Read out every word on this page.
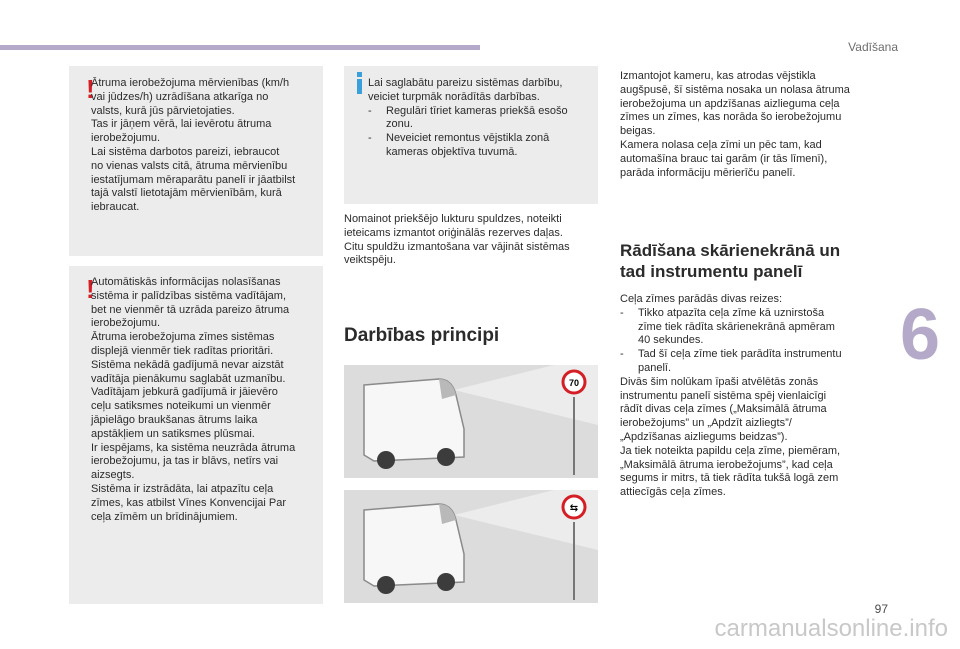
Vadīšana
6
!

Ātruma ierobežojuma mērvienības (km/h
vai jūdzes/h) uzrādīšana atkarīga no
valsts, kurā jūs pārvietojaties.
Tas ir jāņem vērā, lai ievērotu ātruma
ierobežojumu.
Lai sistēma darbotos pareizi, iebraucot
no vienas valsts citā, ātruma mērvienību
iestatījumam mēraparātu panelī ir jāatbilst
tajā valstī lietotajām mērvienībām, kurā
iebraucat.

!

Automātiskās informācijas nolasīšanas
sistēma ir palīdzības sistēma vadītājam,
bet ne vienmēr tā uzrāda pareizo ātruma
ierobežojumu.
Ātruma ierobežojuma zīmes sistēmas
displejā vienmēr tiek radītas prioritāri.
Sistēma nekādā gadījumā nevar aizstāt
vadītāja pienākumu saglabāt uzmanību.
Vadītājam jebkurā gadījumā ir jāievēro
ceļu satiksmes noteikumi un vienmēr
jāpielāgo braukšanas ātrums laika
apstākļiem un satiksmes plūsmai.
Ir iespējams, ka sistēma neuzrāda ātruma
ierobežojumu, ja tas ir blāvs, netīrs vai
aizsegts.
Sistēma ir izstrādāta, lai atpazītu ceļa
zīmes, kas atbilst Vīnes Konvencijai Par
ceļa zīmēm un brīdinājumiem.

Lai saglabātu pareizu sistēmas darbību,
veiciet turpmāk norādītās darbības.

-	Regulāri tīriet kameras priekšā esošo
zonu.

-	Neveiciet remontus vējstikla zonā
kameras objektīva tuvumā.

Nomainot priekšējo lukturu spuldzes, noteikti
ieteicams izmantot oriģinālās rezerves daļas.
Citu spuldžu izmantošana var vājināt sistēmas
veiktspēju.
Darbības principi
70
⇆
Izmantojot kameru, kas atrodas vējstikla
augšpusē, šī sistēma nosaka un nolasa ātruma
ierobežojuma un apdzīšanas aizlieguma ceļa
zīmes un zīmes, kas norāda šo ierobežojumu
beigas.
Kamera nolasa ceļa zīmi un pēc tam, kad
automašīna brauc tai garām (ir tās līmenī),
parāda informāciju mērierīču panelī.
Rādīšana skārienekrānā un
tad instrumentu panelī
Ceļa zīmes parādās divas reizes:
-	Tikko atpazīta ceļa zīme kā uznirstoša
zīme tiek rādīta skārienekrānā apmēram
40 sekundes.
-	Tad šī ceļa zīme tiek parādīta instrumentu
panelī.
Divās šim nolūkam īpaši atvēlētās zonās
instrumentu panelī sistēma spēj vienlaicīgi
rādīt divas ceļa zīmes („Maksimālā ātruma
ierobežojums” un „Apdzīt aizliegts”/
„Apdzīšanas aizliegums beidzas”).
Ja tiek noteikta papildu ceļa zīme, piemēram,
„Maksimālā ātruma ierobežojums”, kad ceļa
segums ir mitrs, tā tiek rādīta tukšā logā zem
attiecīgās ceļa zīmes.
97
carmanualsonline.info
